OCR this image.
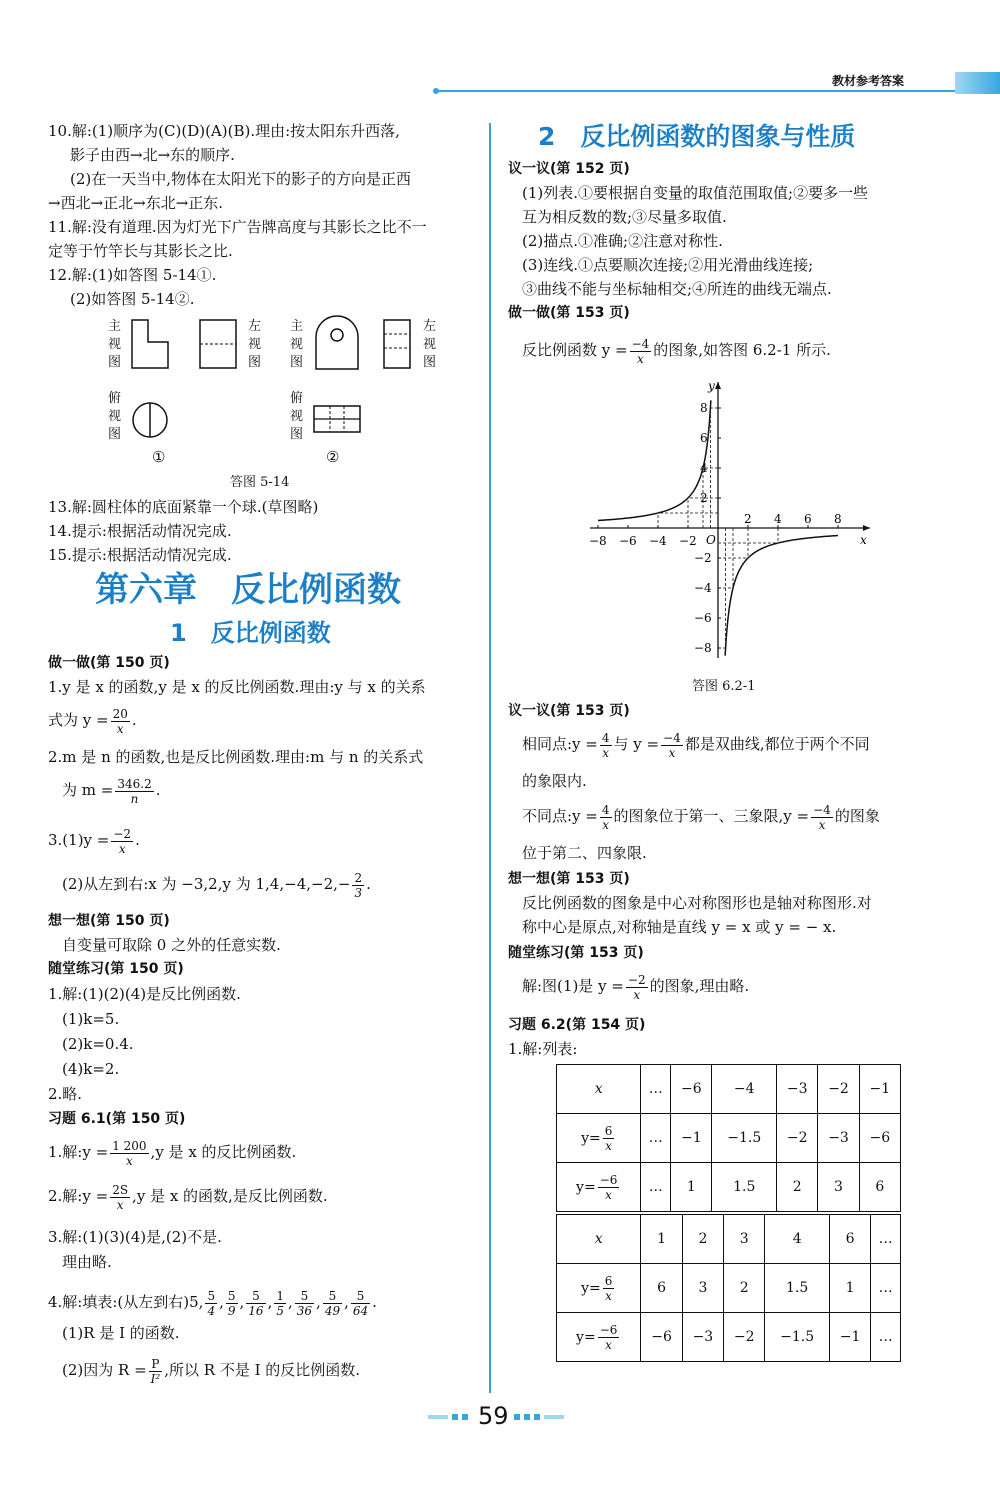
教材参考答案
10.解:(1)顺序为(C)(D)(A)(B).理由:按太阳东升西落,
影子由西→北→东的顺序.
(2)在一天当中,物体在太阳光下的影子的方向是正西
→西北→正北→东北→正东.
11.解:没有道理.因为灯光下广告牌高度与其影长之比不一
定等于竹竿长与其影长之比.
12.解:(1)如答图 5-14①.
(2)如答图 5-14②.
主视图
左视图
主视图
左视图
俯视图
俯视图
①	②
答图 5-14
13.解:圆柱体的底面紧靠一个球.(草图略)
14.提示:根据活动情况完成.
15.提示:根据活动情况完成.
第六章　反比例函数
1　反比例函数
做一做(第 150 页)
1.y 是 x 的函数,y 是 x 的反比例函数.理由:y 与 x 的关系
式为 $y = \frac{20}{x}$ .
2.m 是 n 的函数,也是反比例函数.理由:m 与 n 的关系式
为 $m = \frac{346.2}{n}$ .
$3.(1)y = \frac{-2}{x}$ .
(2)从左到右:x 为 −3,2,y 为 $1,4,-4,-2,- \frac{2}{3}$ .
想一想(第 150 页)
自变量可取除 0 之外的任意实数.
随堂练习(第 150 页)
1.解:(1)(2)(4)是反比例函数.
(1)k=5.
(2)k=0.4.
(4)k=2.
2.略.
习题 6.1(第 150 页)
1.解:y = $\frac{1 200}{x} ,y$ 是 x 的反比例函数.
2.解:y = $\frac{2S}{x} ,y$ 是 x 的函数,是反比例函数.
3.解:(1)(3)(4)是,(2)不是.
理由略.
4.解:填表:(从左到右)5, $\frac{5}{4}$ , $\frac{5}{9}$ , $\frac{5}{16}$ , $\frac{1}{5}$ , $\frac{5}{36}$ , $\frac{5}{49}$ , $\frac{5}{64}$ .
(1)R 是 I 的函数.
(2)因为 $R = \frac{P}{\text{I²}}$ ,所以 R 不是 I 的反比例函数.
2　反比例函数的图象与性质
议一议(第 152 页)
(1)列表.①要根据自变量的取值范围取值;②要多一些
互为相反数的数;③尽量多取值.
(2)描点.①准确;②注意对称性.
(3)连线.①点要顺次连接;②用光滑曲线连接;
③曲线不能与坐标轴相交;④所连的曲线无端点.
做一做(第 153 页)
反比例函数 $y = \frac{-4}{x}$ 的图象,如答图 6.2-1 所示.
x
y
O
−8 −6 −4 −2
2 4 6 8
8
6
4
2
−2
−4
−6
−8
答图 6.2-1
议一议(第 153 页)
相同点:y = $\frac{4}{x}$ 与 $y = \frac{-4}{x}$ 都是双曲线,都位于两个不同
的象限内.
不同点:y = $\frac{4}{x}$ 的图象位于第一、三象限$,y = \frac{-4}{x}$ 的图象
位于第二、四象限.
想一想(第 153 页)
反比例函数的图象是中心对称图形也是轴对称图形.对
称中心是原点,对称轴是直线 y = x 或 y = − x.
随堂练习(第 153 页)
解:图(1)是 $y = \frac{-2}{x}$ 的图象,理由略.
习题 6.2(第 154 页)
1.解:列表:
x	…	−6	−4	−3	−2	−1
$y= \frac{6}{x}$	…	−1	−1.5	−2	−3	−6
$y= \frac{-6}{x}$	…	1	1.5	2	3	6
x	1	2	3	4	6	…
$y= \frac{6}{x}$	6	3	2	1.5	1	…
$y= \frac{-6}{x}$	−6	−3	−2	−1.5	−1	…
59
